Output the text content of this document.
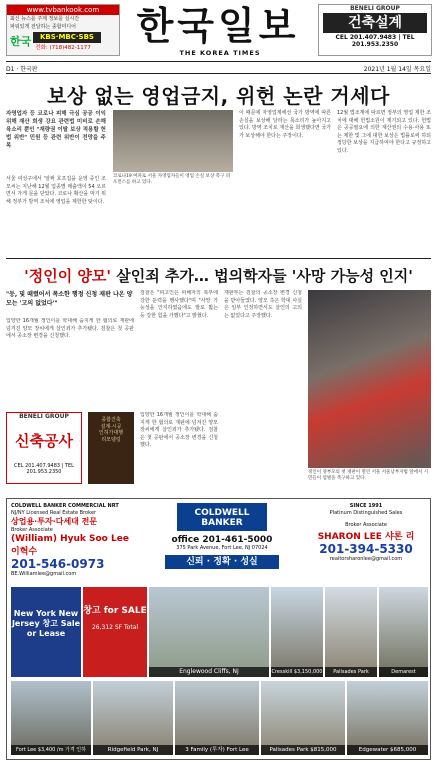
www.tvbankook.com
최신 뉴스를 주제 정보를 실시간
파워있게 전달하는 종합미디어
KBS·MBC·SBS
전화: (718)482-1177
한국	한국일보
THE KOREA TIMES
BENELI GROUP
건축설계
CEL 201.407.9483 | TEL 201.953.2350
D1 · 한국판	2021년 1월 14일 목요일
보상 없는 영업금지, 위헌 논란 거세다
자영업자 등 코로나 피해 극심 공공 이익 위해 재산 희생 강요 관련법 미비로 손해 육소리 뿐인 "재량권 이탈 보상 적용할 헌법 위반" 민원 등 관련 위반이 전망을 주목
서울 여성구에서 '알짜 호프집을 운영 중인 조모씨는 지난해 12월 업종별 매출액이 54 오르면서 가게 문을 닫았다. 코로나 확산을 막기 위해 정부가 방역 조치에 영업을 제한한 탓이다.
코로나19 여파로 서울 자영업자들이 영업 손실 보상 촉구 퍼포먼스를 하고 있다.
이 때문에 자영업계에선 국가 방역에 따른 손실을 보상해 달라는 목소리가 높아지고 있다. 방역 조치로 재산을 희생했다면 국가가 보상해야 한다는 주장이다.
12월 법조계에 따르면 정부의 영업 제한 조치에 대해 헌법소원이 제기되고 있다. 헌법은 공공필요에 의한 재산권의 수용·사용 또는 제한 및 그에 대한 보상은 법률로써 하되 정당한 보상을 지급하여야 한다고 규정하고 있다.
'정인이 양모' 살인죄 추가… 법의학자들 '사망 가능성 인지'
"등, 및 때렸어서 폭소한 행정 신청 재판 나온 양모는 '고의 없었다'"
입양한 16개월 정인이를 학대해 숨지게 한 혐의로 재판에 넘겨진 양모 장씨에게 살인죄가 추가됐다. 검찰은 첫 공판에서 공소장 변경을 신청했다.
검찰은 "피고인은 피해자의 복부에 강한 둔력을 행사했다"며 "사망 가능성을 인지하였음에도 발로 밟는 등 강한 힘을 가했다"고 밝혔다.
재판부는 검찰의 공소장 변경 신청을 받아들였다. 양모 측은 학대 사실은 일부 인정하면서도 살인의 고의는 없었다고 주장했다.
정인이 양부모의 첫 재판이 열린 서울 서울남부지법 앞에서 시민들이 엄벌을 촉구하고 있다.
BENELI GROUP
신축공사
CEL 201.407.9483 | TEL 201.953.2350
종합건축
설계·시공
인허가대행
리모델링
입양한 16개월 정인이를 학대해 숨지게 한 혐의로 재판에 넘겨진 양모 장씨에게 살인죄가 추가됐다. 검찰은 첫 공판에서 공소장 변경을 신청했다.
COLDWELL BANKER COMMERCIAL NRT
NJ/NY Licensed Real Estate Broker
상업용·투자·다세대 전문
Broker Associate
(William) Hyuk Soo Lee
이혁수
201-546-0973
BE.Williamlee@gmail.com
COLDWELL BANKER
office 201-461-5000
375 Park Avenue, Fort Lee, NJ 07024
신뢰 · 정확 · 성실
SINCE 1991
Platinum Distinguished Sales
Broker Associate
SHARON LEE 샤론 리
201-394-5330
realtorsharonlee@gmail.com
New York New Jersey 창고 Sale or Lease
창고 for SALE
26,312 SF Total
Englewood Cliffs, NJ	Cresskill $3,150,000	Palisades Park	Demarest
Fort Lee $3,400 /m 가격 인하	Ridgefield Park, NJ	3 Family (투자) Fort Lee	Palisades Park $815,000	Edgewater $685,000
